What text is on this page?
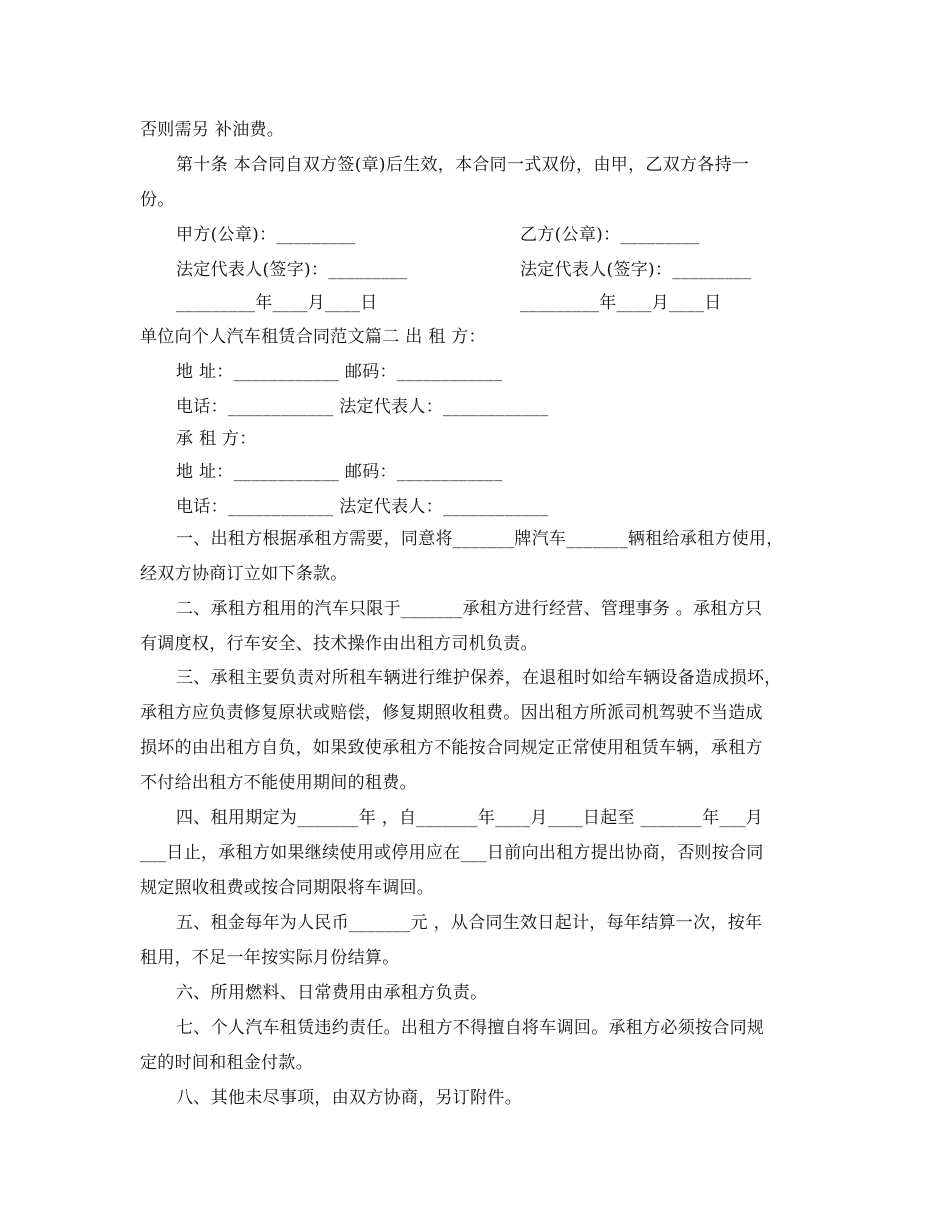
否则需另 补油费。
第十条 本合同自双方签(章)后生效，本合同一式双份，由甲，乙双方各持一
份。
甲方(公章)：_________	乙方(公章)：_________
法定代表人(签字)：_________	法定代表人(签字)：_________
_________年____月____日	_________年____月____日
单位向个人汽车租赁合同范文篇二 出 租 方：
地 址：____________ 邮码：____________
电话：____________ 法定代表人：____________
承 租 方：
地 址：____________ 邮码：____________
电话：____________ 法定代表人：____________
一、出租方根据承租方需要，同意将_______牌汽车_______辆租给承租方使用，
经双方协商订立如下条款。
二、承租方租用的汽车只限于_______承租方进行经营、管理事务 。承租方只
有调度权，行车安全、技术操作由出租方司机负责。
三、承租主要负责对所租车辆进行维护保养，在退租时如给车辆设备造成损坏，
承租方应负责修复原状或赔偿，修复期照收租费。因出租方所派司机驾驶不当造成
损坏的由出租方自负，如果致使承租方不能按合同规定正常使用租赁车辆，承租方
不付给出租方不能使用期间的租费。
四、租用期定为_______年 ，自_______年____月____日起至 _______年___月
___日止，承租方如果继续使用或停用应在___日前向出租方提出协商，否则按合同
规定照收租费或按合同期限将车调回。
五、租金每年为人民币_______元 ，从合同生效日起计，每年结算一次，按年
租用，不足一年按实际月份结算。
六、所用燃料、日常费用由承租方负责。
七、个人汽车租赁违约责任。出租方不得擅自将车调回。承租方必须按合同规
定的时间和租金付款。
八、其他未尽事项，由双方协商，另订附件。
